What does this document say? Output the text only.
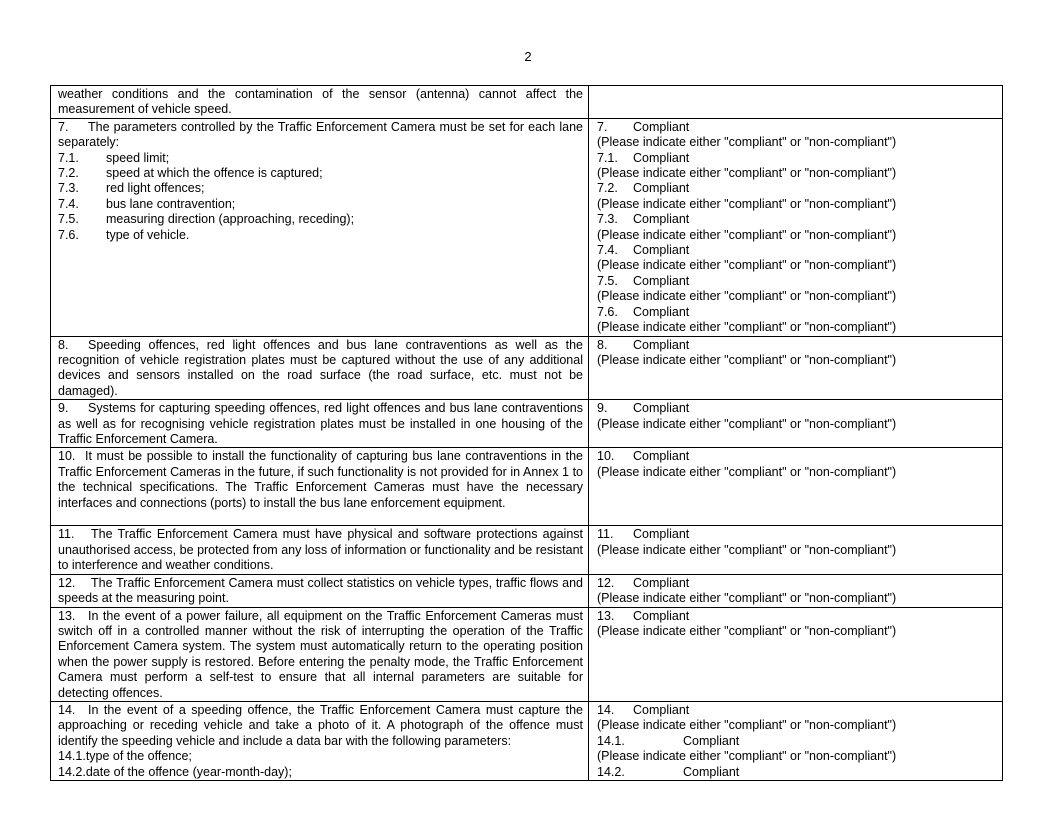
2
weather conditions and the contamination of the sensor (antenna) cannot affect the measurement of vehicle speed.
7. The parameters controlled by the Traffic Enforcement Camera must be set for each lane separately:
7.1. speed limit;
7.2. speed at which the offence is captured;
7.3. red light offences;
7.4. bus lane contravention;
7.5. measuring direction (approaching, receding);
7.6. type of vehicle.
7. Compliant
(Please indicate either "compliant" or "non-compliant")
7.1. Compliant
(Please indicate either "compliant" or "non-compliant")
7.2. Compliant
(Please indicate either "compliant" or "non-compliant")
7.3. Compliant
(Please indicate either "compliant" or "non-compliant")
7.4. Compliant
(Please indicate either "compliant" or "non-compliant")
7.5. Compliant
(Please indicate either "compliant" or "non-compliant")
7.6. Compliant
(Please indicate either "compliant" or "non-compliant")
8. Speeding offences, red light offences and bus lane contraventions as well as the recognition of vehicle registration plates must be captured without the use of any additional devices and sensors installed on the road surface (the road surface, etc. must not be damaged).
8. Compliant
(Please indicate either "compliant" or "non-compliant")
9. Systems for capturing speeding offences, red light offences and bus lane contraventions as well as for recognising vehicle registration plates must be installed in one housing of the Traffic Enforcement Camera.
9. Compliant
(Please indicate either "compliant" or "non-compliant")
10. It must be possible to install the functionality of capturing bus lane contraventions in the Traffic Enforcement Cameras in the future, if such functionality is not provided for in Annex 1 to the technical specifications. The Traffic Enforcement Cameras must have the necessary interfaces and connections (ports) to install the bus lane enforcement equipment.
10. Compliant
(Please indicate either "compliant" or "non-compliant")
11. The Traffic Enforcement Camera must have physical and software protections against unauthorised access, be protected from any loss of information or functionality and be resistant to interference and weather conditions.
11. Compliant
(Please indicate either "compliant" or "non-compliant")
12. The Traffic Enforcement Camera must collect statistics on vehicle types, traffic flows and speeds at the measuring point.
12. Compliant
(Please indicate either "compliant" or "non-compliant")
13. In the event of a power failure, all equipment on the Traffic Enforcement Cameras must switch off in a controlled manner without the risk of interrupting the operation of the Traffic Enforcement Camera system. The system must automatically return to the operating position when the power supply is restored. Before entering the penalty mode, the Traffic Enforcement Camera must perform a self-test to ensure that all internal parameters are suitable for detecting offences.
13. Compliant
(Please indicate either "compliant" or "non-compliant")
14. In the event of a speeding offence, the Traffic Enforcement Camera must capture the approaching or receding vehicle and take a photo of it. A photograph of the offence must identify the speeding vehicle and include a data bar with the following parameters:
14.1.type of the offence;
14.2.date of the offence (year-month-day);
14. Compliant
(Please indicate either "compliant" or "non-compliant")
14.1.	Compliant
(Please indicate either "compliant" or "non-compliant")
14.2.	Compliant
